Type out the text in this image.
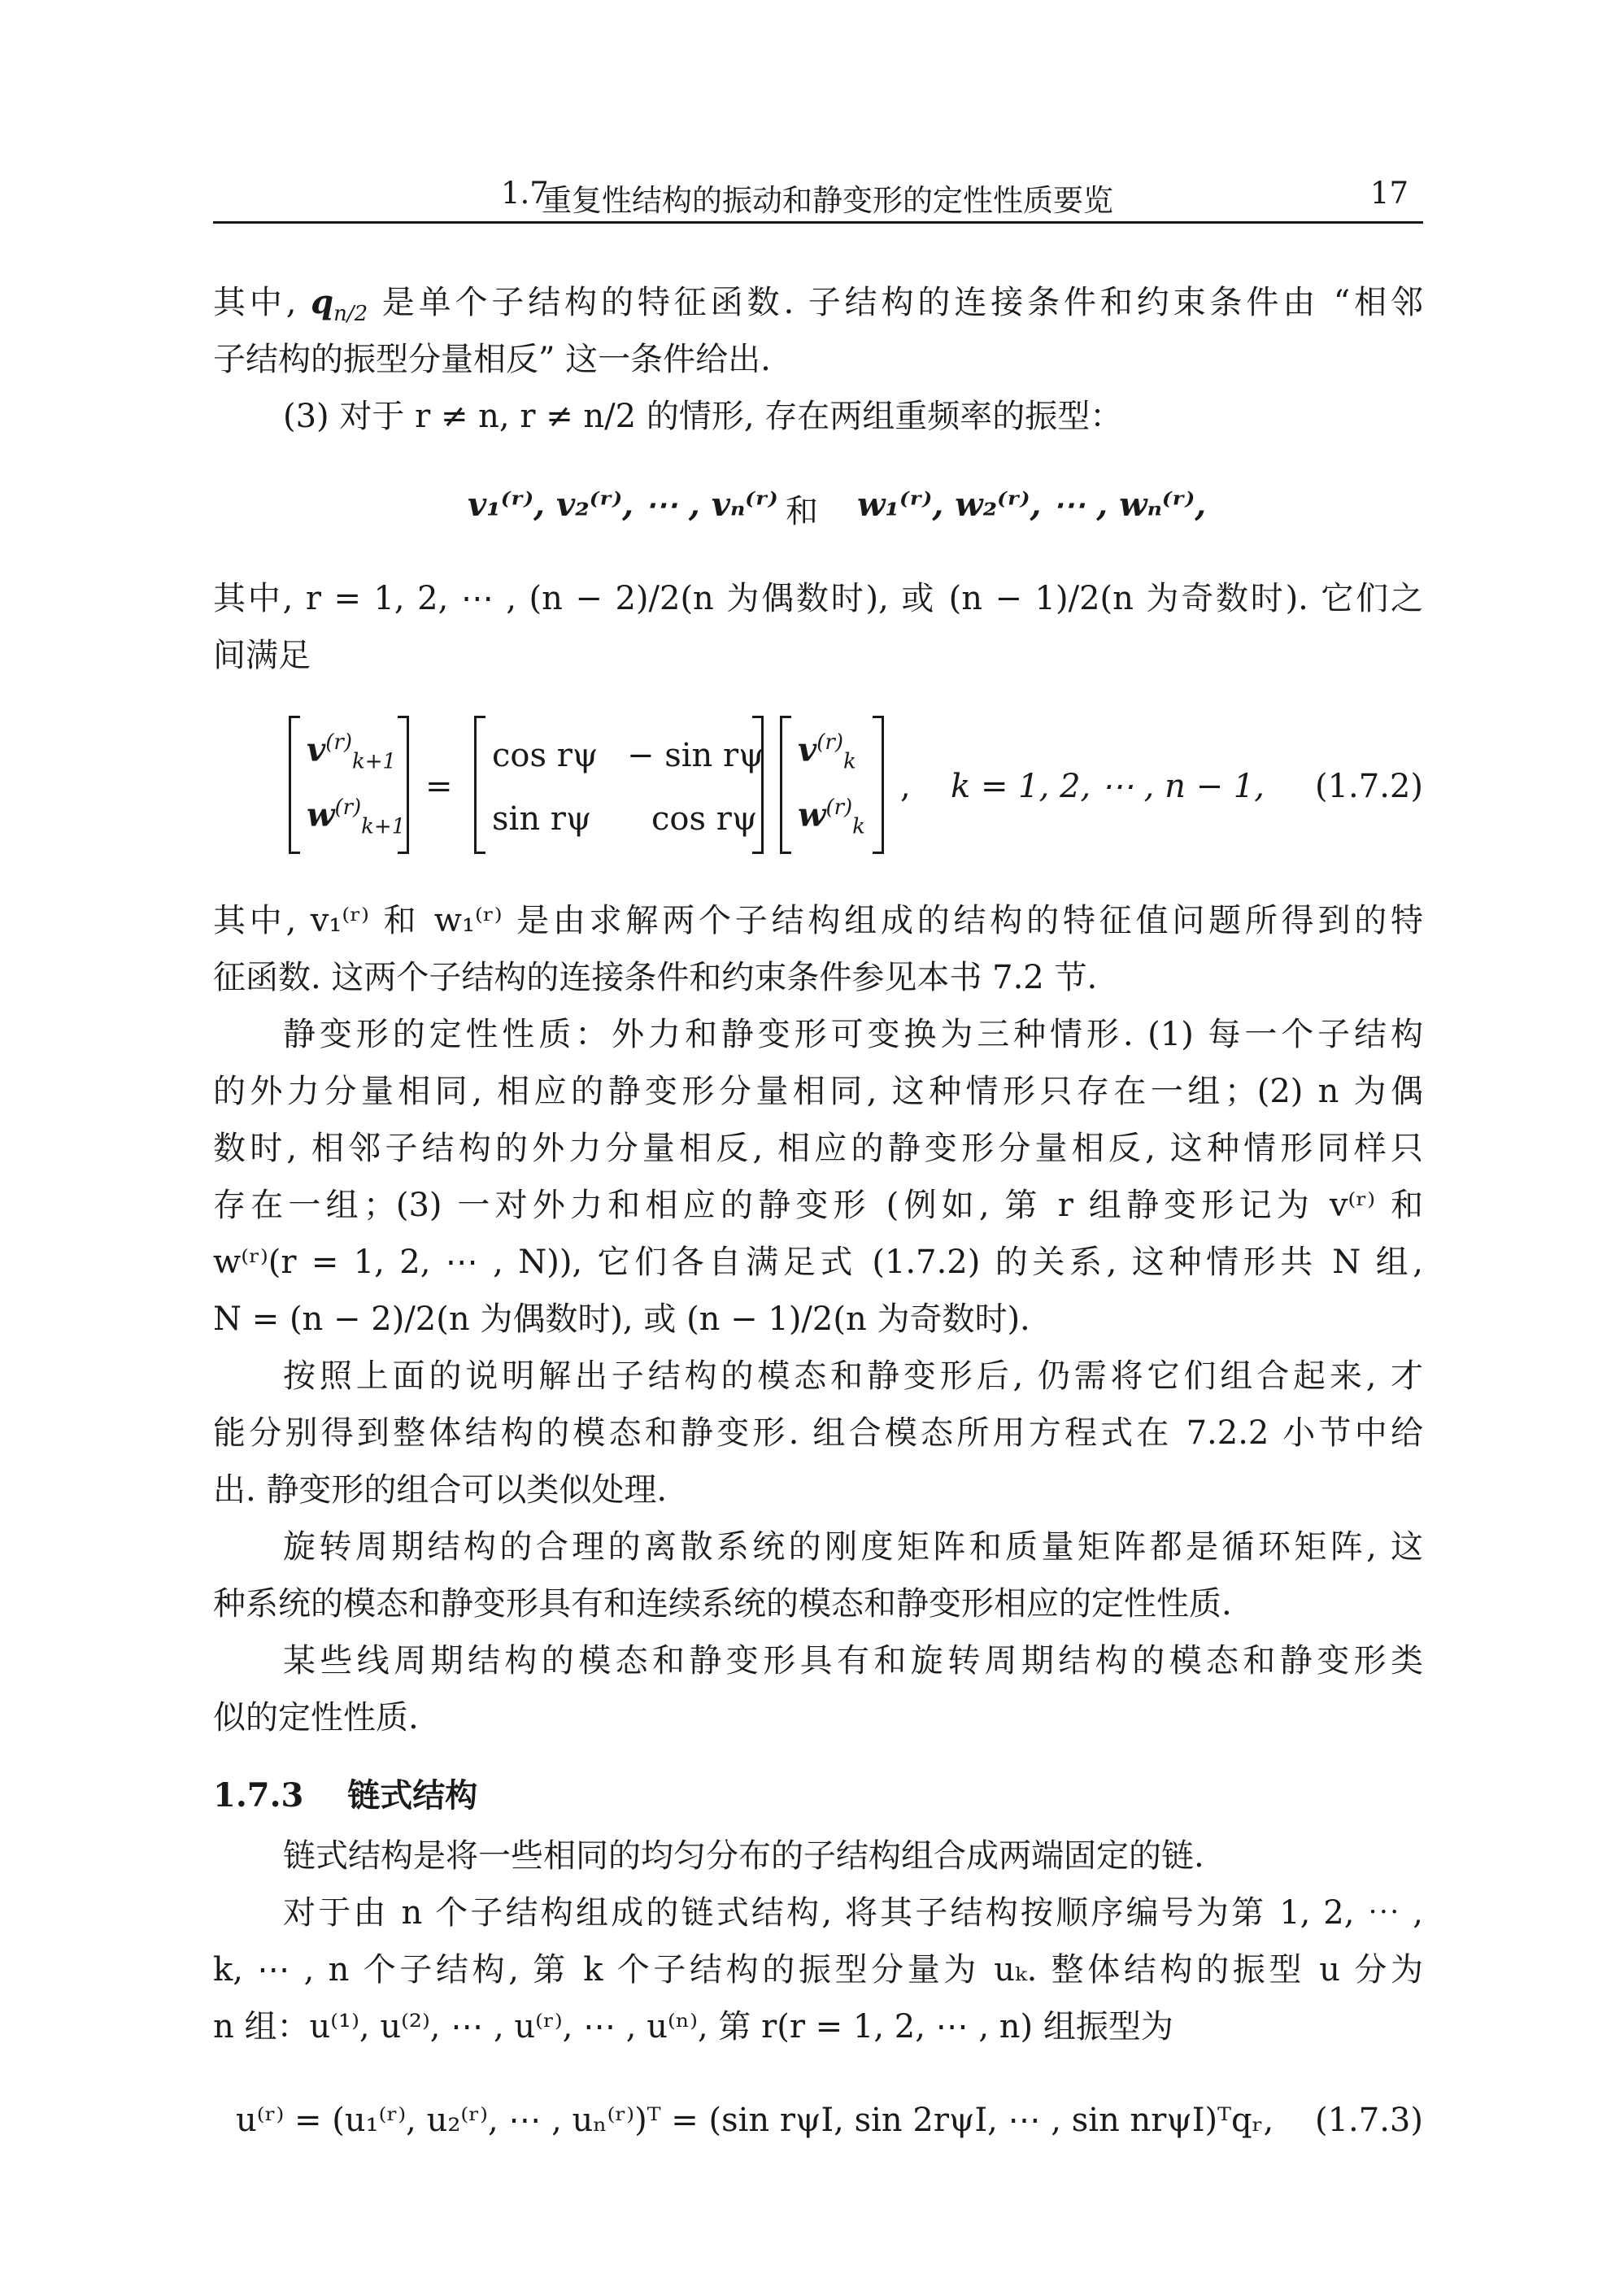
1.7
重复性结构的振动和静变形的定性性质要览	17
其中, $q_{n/2}$ 是单个子结构的特征函数. 子结构的连接条件和约束条件由 “相邻
子结构的振型分量相反” 这一条件给出.
(3) 对于 r ≠ n, r ≠ n/2 的情形, 存在两组重频率的振型：
v₁⁽ʳ⁾, v₂⁽ʳ⁾, ⋯ , vₙ⁽ʳ⁾ 和 w₁⁽ʳ⁾, w₂⁽ʳ⁾, ⋯ , wₙ⁽ʳ⁾,
其中, r = 1, 2, ⋯ , (n − 2)/2(n 为偶数时), 或 (n − 1)/2(n 为奇数时). 它们之
间满足
$v^{(r)}_{k+1}$
$w^{(r)}_{k+1}$
=
cos rψ − sin rψ
sin rψ cos rψ
$v^{(r)}_k$
$w^{(r)}_k$
, k = 1, 2, ⋯ , n − 1, (1.7.2)
其中, v₁⁽ʳ⁾ 和 w₁⁽ʳ⁾ 是由求解两个子结构组成的结构的特征值问题所得到的特
征函数. 这两个子结构的连接条件和约束条件参见本书 7.2 节.
静变形的定性性质：外力和静变形可变换为三种情形. (1) 每一个子结构
的外力分量相同, 相应的静变形分量相同, 这种情形只存在一组；(2) n 为偶
数时, 相邻子结构的外力分量相反, 相应的静变形分量相反, 这种情形同样只
存在一组；(3) 一对外力和相应的静变形 (例如, 第 r 组静变形记为 v⁽ʳ⁾ 和
w⁽ʳ⁾(r = 1, 2, ⋯ , N)), 它们各自满足式 (1.7.2) 的关系, 这种情形共 N 组,
N = (n − 2)/2(n 为偶数时), 或 (n − 1)/2(n 为奇数时).
按照上面的说明解出子结构的模态和静变形后, 仍需将它们组合起来, 才
能分别得到整体结构的模态和静变形. 组合模态所用方程式在 7.2.2 小节中给
出. 静变形的组合可以类似处理.
旋转周期结构的合理的离散系统的刚度矩阵和质量矩阵都是循环矩阵, 这
种系统的模态和静变形具有和连续系统的模态和静变形相应的定性性质.
某些线周期结构的模态和静变形具有和旋转周期结构的模态和静变形类
似的定性性质.
1.7.3 链式结构
链式结构是将一些相同的均匀分布的子结构组合成两端固定的链.
对于由 n 个子结构组成的链式结构, 将其子结构按顺序编号为第 1, 2, ⋯ ,
k, ⋯ , n 个子结构, 第 k 个子结构的振型分量为 uₖ. 整体结构的振型 u 分为
n 组：u⁽¹⁾, u⁽²⁾, ⋯ , u⁽ʳ⁾, ⋯ , u⁽ⁿ⁾, 第 r(r = 1, 2, ⋯ , n) 组振型为
u⁽ʳ⁾ = (u₁⁽ʳ⁾, u₂⁽ʳ⁾, ⋯ , uₙ⁽ʳ⁾)ᵀ = (sin rψI, sin 2rψI, ⋯ , sin nrψI)ᵀqᵣ, (1.7.3)
